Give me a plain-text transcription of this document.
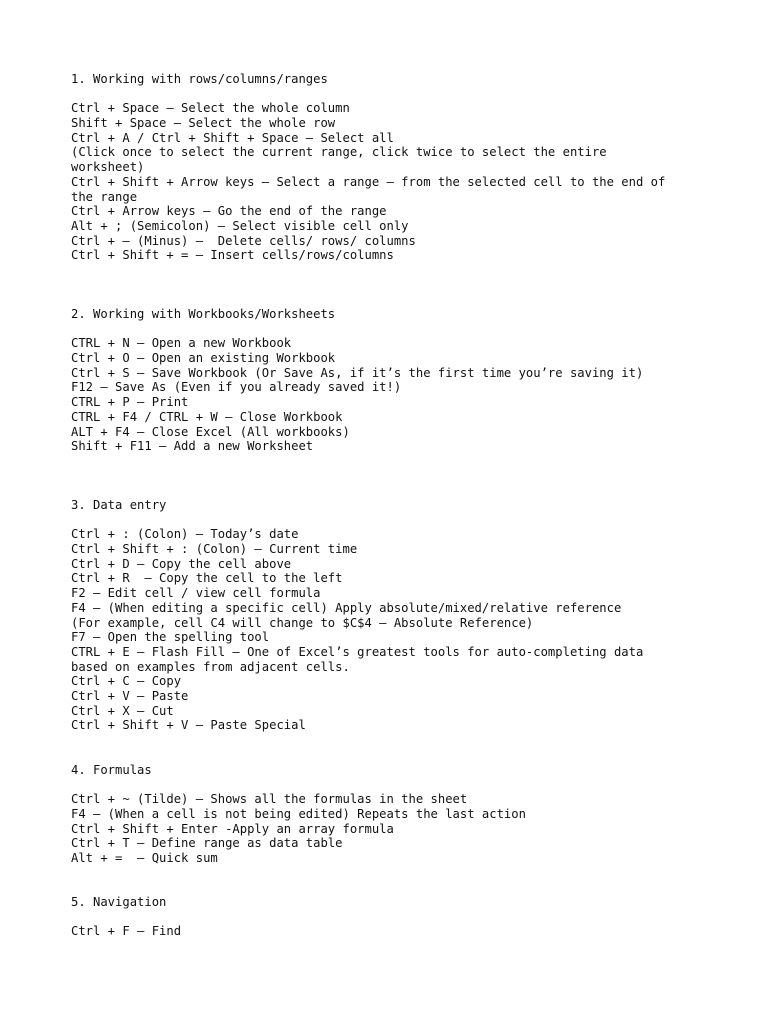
1. Working with rows/columns/ranges
Ctrl + Space – Select the whole column
Shift + Space – Select the whole row
Ctrl + A / Ctrl + Shift + Space – Select all
(Click once to select the current range, click twice to select the entire
worksheet)
Ctrl + Shift + Arrow keys – Select a range – from the selected cell to the end of
the range
Ctrl + Arrow keys – Go the end of the range
Alt + ; (Semicolon) – Select visible cell only
Ctrl + – (Minus) –  Delete cells/ rows/ columns
Ctrl + Shift + = – Insert cells/rows/columns
2. Working with Workbooks/Worksheets
CTRL + N – Open a new Workbook
Ctrl + O – Open an existing Workbook
Ctrl + S – Save Workbook (Or Save As, if it’s the first time you’re saving it)
F12 – Save As (Even if you already saved it!)
CTRL + P – Print
CTRL + F4 / CTRL + W – Close Workbook
ALT + F4 – Close Excel (All workbooks)
Shift + F11 – Add a new Worksheet
3. Data entry
Ctrl + : (Colon) – Today’s date
Ctrl + Shift + : (Colon) – Current time
Ctrl + D – Copy the cell above
Ctrl + R  – Copy the cell to the left
F2 – Edit cell / view cell formula
F4 – (When editing a specific cell) Apply absolute/mixed/relative reference
(For example, cell C4 will change to $C$4 – Absolute Reference)
F7 – Open the spelling tool
CTRL + E – Flash Fill – One of Excel’s greatest tools for auto-completing data
based on examples from adjacent cells.
Ctrl + C – Copy
Ctrl + V – Paste
Ctrl + X – Cut
Ctrl + Shift + V – Paste Special
4. Formulas
Ctrl + ~ (Tilde) – Shows all the formulas in the sheet
F4 – (When a cell is not being edited) Repeats the last action
Ctrl + Shift + Enter -Apply an array formula
Ctrl + T – Define range as data table
Alt + =  – Quick sum
5. Navigation
Ctrl + F – Find
